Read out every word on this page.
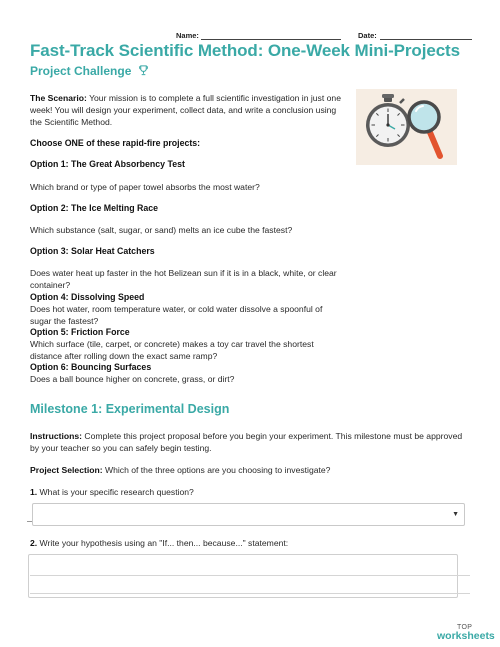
Name:	Date:
Fast-Track Scientific Method: One-Week Mini-Projects
Project Challenge
The Scenario: Your mission is to complete a full scientific investigation in just one week! You will design your experiment, collect data, and write a conclusion using the Scientific Method.
Choose ONE of these rapid-fire projects:
Option 1: The Great Absorbency Test
Which brand or type of paper towel absorbs the most water?
Option 2: The Ice Melting Race
Which substance (salt, sugar, or sand) melts an ice cube the fastest?
Option 3: Solar Heat Catchers
Does water heat up faster in the hot Belizean sun if it is in a black, white, or clear container?
Option 4: Dissolving Speed
Does hot water, room temperature water, or cold water dissolve a spoonful of sugar the fastest?
Option 5: Friction Force
Which surface (tile, carpet, or concrete) makes a toy car travel the shortest distance after rolling down the exact same ramp?
Option 6: Bouncing Surfaces
Does a ball bounce higher on concrete, grass, or dirt?
Milestone 1: Experimental Design
Instructions: Complete this project proposal before you begin your experiment. This milestone must be approved by your teacher so you can safely begin testing.
Project Selection: Which of the three options are you choosing to investigate?
1. What is your specific research question?
▼
2. Write your hypothesis using an "If... then... because..." statement:
TOP
worksheets
